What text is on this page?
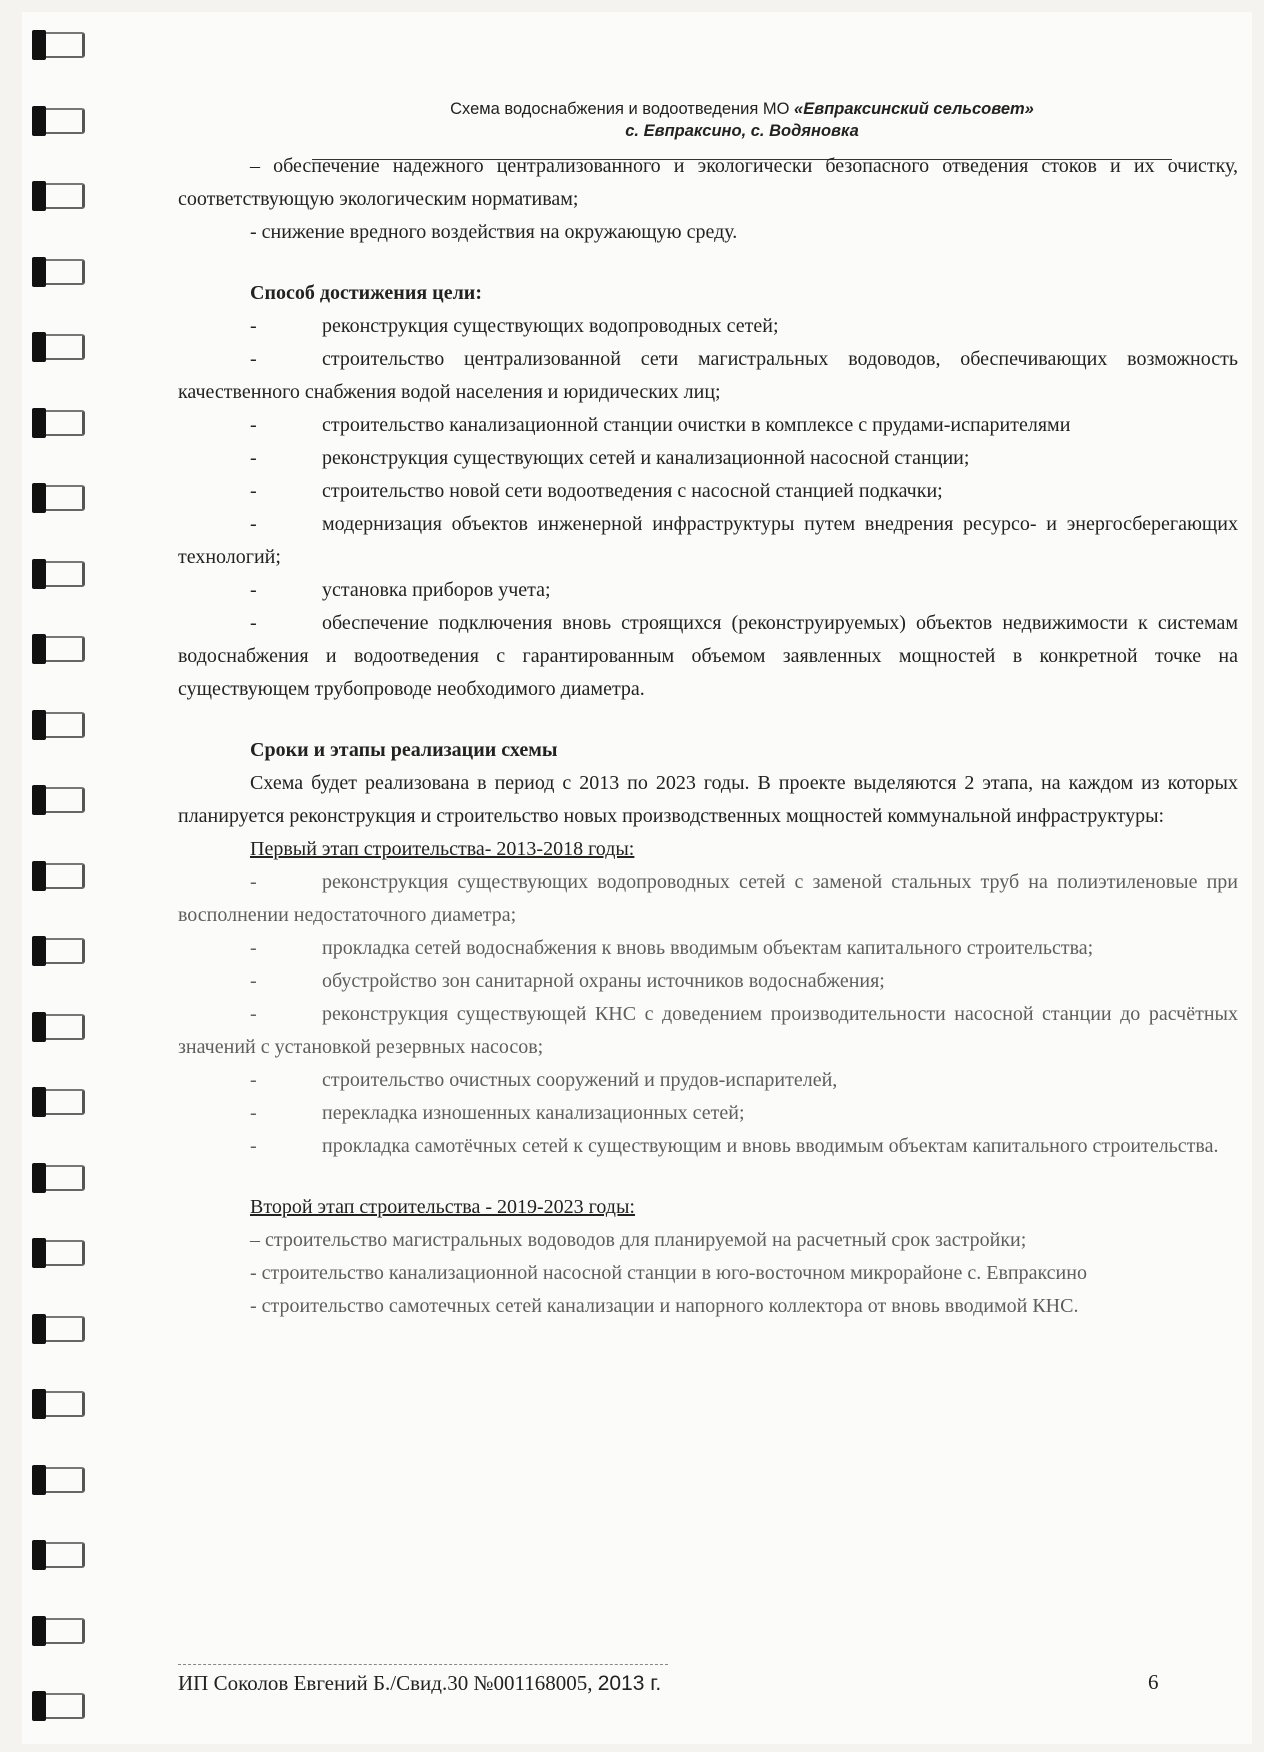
Схема водоснабжения и водоотведения МО «Евпраксинский сельсовет»
с. Евпраксино, с. Водяновка

– обеспечение надежного централизованного и экологически безопасного отведения стоков и их очистку, соответствующую экологическим нормативам;

- снижение вредного воздействия на окружающую среду.

Способ достижения цели:

-	реконструкция существующих водопроводных сетей;

-	строительство централизованной сети магистральных водоводов, обеспечивающих возможность качественного снабжения водой населения и юридических лиц;

-	строительство канализационной станции очистки в комплексе с прудами-испарителями

-	реконструкция существующих сетей и канализационной насосной станции;

-	строительство новой сети водоотведения с насосной станцией подкачки;

-	модернизация объектов инженерной инфраструктуры путем внедрения ресурсо- и энергосберегающих технологий;

-	установка приборов учета;

-	обеспечение подключения вновь строящихся (реконструируемых) объектов недвижимости к системам водоснабжения и водоотведения с гарантированным объемом заявленных мощностей в конкретной точке на существующем трубопроводе необходимого диаметра.

Сроки и этапы реализации схемы

Схема будет реализована в период с 2013 по 2023 годы. В проекте выделяются 2 этапа, на каждом из которых планируется реконструкция и строительство новых производственных мощностей коммунальной инфраструктуры:

Первый этап строительства- 2013-2018 годы:

-	реконструкция существующих водопроводных сетей с заменой стальных труб на полиэтиленовые при восполнении недостаточного диаметра;

-	прокладка сетей водоснабжения к вновь вводимым объектам капитального строительства;

-	обустройство зон санитарной охраны источников водоснабжения;

-	реконструкция существующей КНС с доведением производительности насосной станции до расчётных значений с установкой резервных насосов;

-	строительство очистных сооружений и прудов-испарителей,

-	перекладка изношенных канализационных сетей;

-	прокладка самотёчных сетей к существующим и вновь вводимым объектам капитального строительства.

Второй этап строительства - 2019-2023 годы:

– строительство магистральных водоводов для планируемой на расчетный срок застройки;

- строительство канализационной насосной станции в юго-восточном микрорайоне с. Евпраксино

- строительство самотечных сетей канализации и напорного коллектора от вновь вводимой КНС.

ИП Соколов Евгений Б./Свид.30 №001168005, 2013 г.	6
